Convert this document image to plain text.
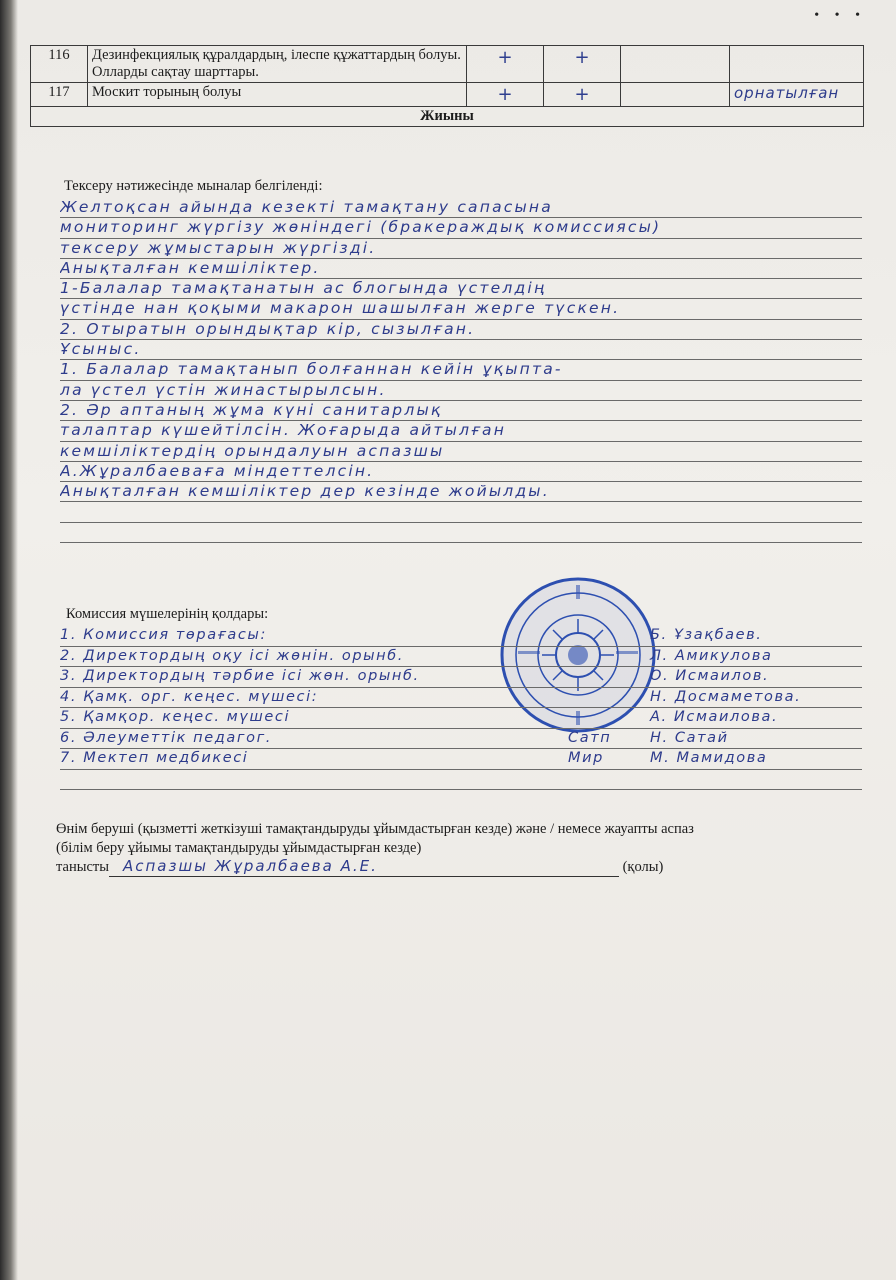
• • •
116	Дезинфекциялық құралдардың, ілеспе құжаттардың болуы. Олларды сақтау шарттары.	+	+		
117	Москит торының болуы	+	+		орнатылған
Жиыны					
Тексеру нәтижесінде мыналар белгіленді:
Желтоқсан айында кезекті тамақтану сапасына
мониторинг жүргізу жөніндегі (бракераждық комиссиясы)
тексеру жұмыстарын жүргізді.
Анықталған кемшіліктер.
1-Балалар тамақтанатын ас блогында үстелдің
үстінде нан қоқыми макарон шашылған жерге түскен.
2. Отыратын орындықтар кір, сызылған.
Ұсыныс.
1. Балалар тамақтанып болғаннан кейін ұқыпта-
ла үстел үстін жинастырылсын.
2. Әр аптаның жұма күні санитарлық
талаптар күшейтілсін. Жоғарыда айтылған
кемшіліктердің орындалуын аспазшы
А.Жұралбаеваға міндеттелсін.
Анықталған кемшіліктер дер кезінде жойылды.
Комиссия мүшелерінің қолдары:
1. Комиссия төрағасы:	Б. Ұзақбаев.
2. Директордың оқу ісі жөнін. орынб.	Л. Амикулова
3. Директордың тәрбие ісі жөн. орынб.	О. Исмаилов.
4. Қамқ. орг. кеңес. мүшесі:	Н. Досмаметова.
5. Қамқор. кеңес. мүшесі	А. Исмаилова.
6. Әлеуметтік педагог.	Сатп	Н. Сатай
7. Мектеп медбикесі	Мир	М. Мамидова
Өнім беруші (қызметті жеткізуші тамақтандыруды ұйымдастырған кезде) және / немесе жауапты аспаз
(білім беру ұйымы тамақтандыруды ұйымдастырған кезде)
танысты Аспазшы Жұралбаева А.Е.	(қолы)
